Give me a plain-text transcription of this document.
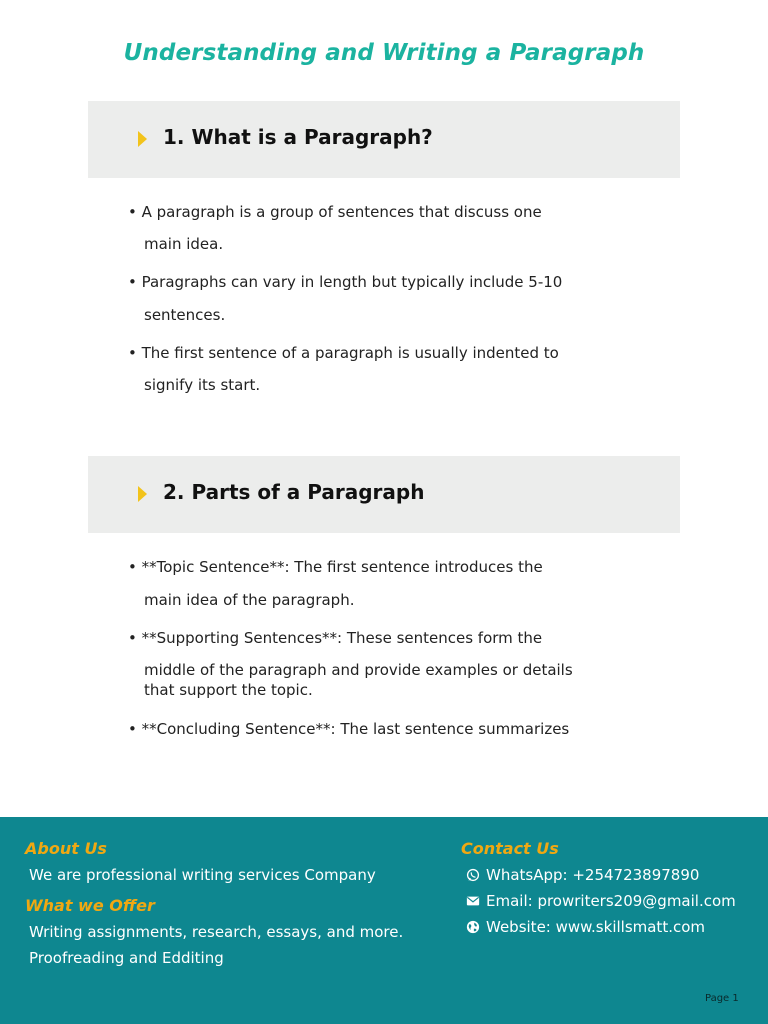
Understanding and Writing a Paragraph
1. What is a Paragraph?
• A paragraph is a group of sentences that discuss one
main idea.
• Paragraphs can vary in length but typically include 5-10
sentences.
• The first sentence of a paragraph is usually indented to
signify its start.
2. Parts of a Paragraph
• **Topic Sentence**: The first sentence introduces the
main idea of the paragraph.
• **Supporting Sentences**: These sentences form the
middle of the paragraph and provide examples or details
that support the topic.
• **Concluding Sentence**: The last sentence summarizes
About Us
We are professional writing services Company
What we Offer
Writing assignments, research, essays, and more.
Proofreading and Edditing
Contact Us
WhatsApp: +254723897890
Email: prowriters209@gmail.com
Website: www.skillsmatt.com
Page 1
